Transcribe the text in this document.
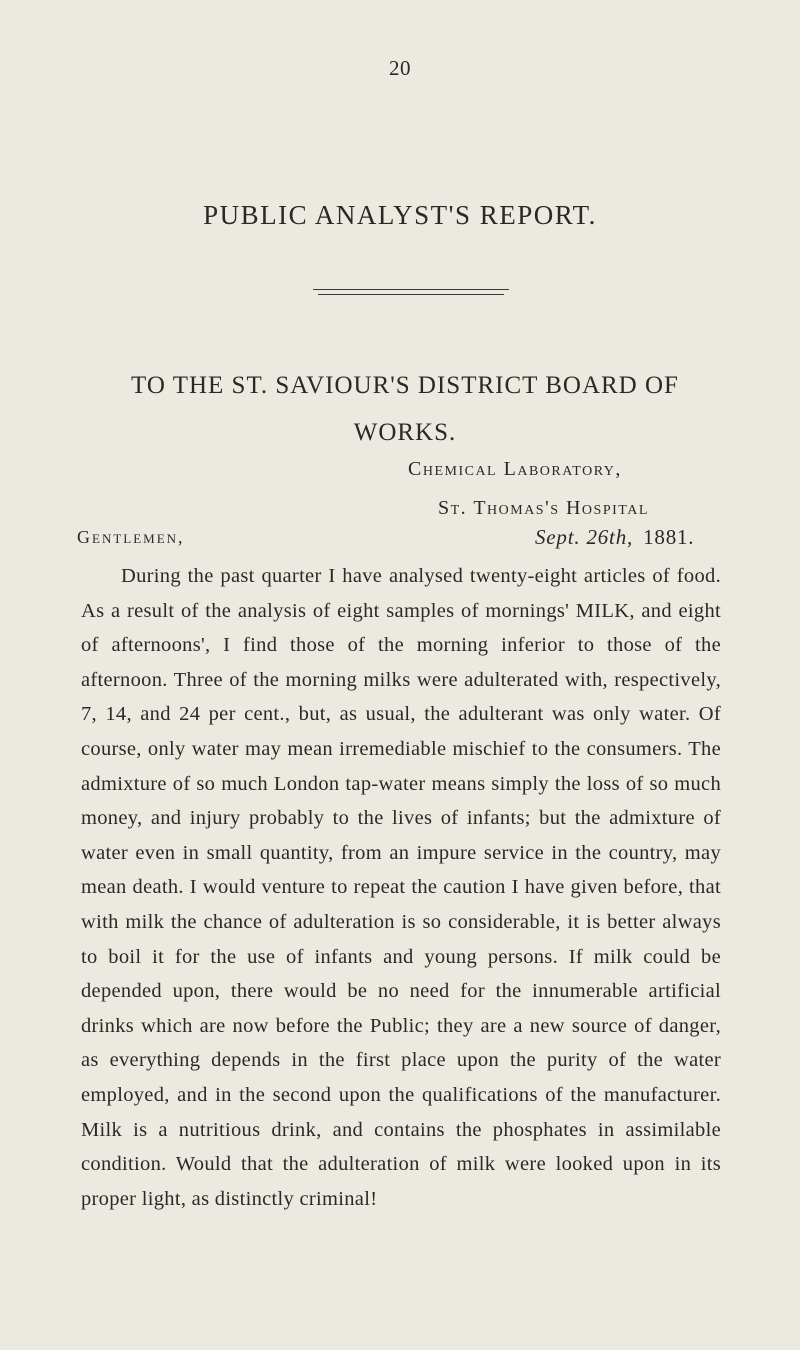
20
PUBLIC ANALYST'S REPORT.
TO THE ST. SAVIOUR'S DISTRICT BOARD OF WORKS.
Chemical Laboratory,
St. Thomas's Hospital
Gentlemen,	Sept. 26th, 1881.

During the past quarter I have analysed twenty-eight articles of food. As a result of the analysis of eight samples of mornings' MILK, and eight of afternoons', I find those of the morning inferior to those of the afternoon. Three of the morning milks were adulterated with, respectively, 7, 14, and 24 per cent., but, as usual, the adulterant was only water. Of course, only water may mean irremediable mischief to the consumers. The admixture of so much London tap-water means simply the loss of so much money, and injury probably to the lives of infants; but the admixture of water even in small quantity, from an impure service in the country, may mean death. I would venture to repeat the caution I have given before, that with milk the chance of adulteration is so considerable, it is better always to boil it for the use of infants and young persons. If milk could be depended upon, there would be no need for the innumerable artificial drinks which are now before the Public; they are a new source of danger, as everything depends in the first place upon the purity of the water employed, and in the second upon the qualifications of the manufacturer. Milk is a nutritious drink, and contains the phosphates in assimilable condition. Would that the adulteration of milk were looked upon in its proper light, as distinctly criminal!
